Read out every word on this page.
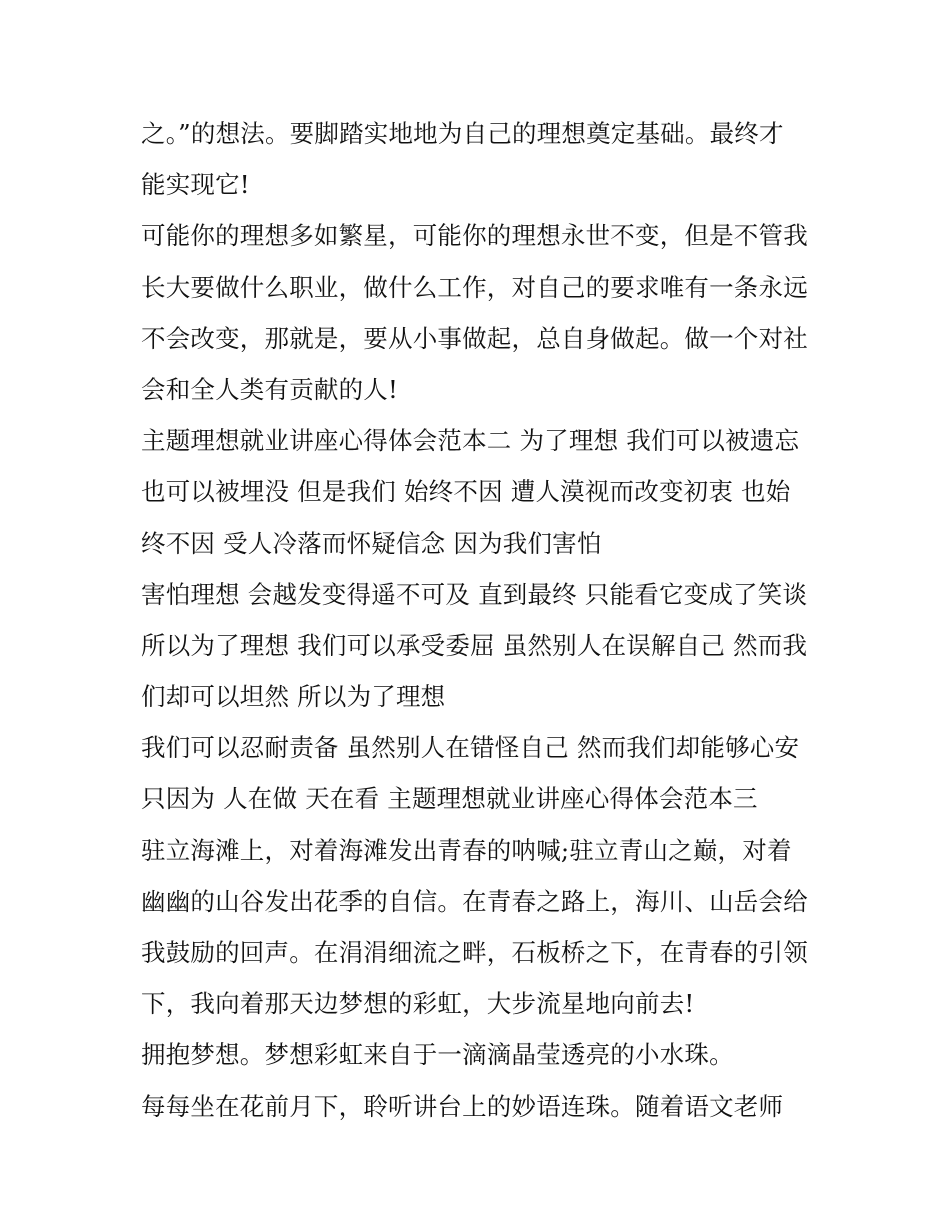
之。”的想法。要脚踏实地地为自己的理想奠定基础。最终才
能实现它!
可能你的理想多如繁星，可能你的理想永世不变，但是不管我
长大要做什么职业，做什么工作，对自己的要求唯有一条永远
不会改变，那就是，要从小事做起，总自身做起。做一个对社
会和全人类有贡献的人!
主题理想就业讲座心得体会范本二 为了理想 我们可以被遗忘
也可以被埋没 但是我们 始终不因 遭人漠视而改变初衷 也始
终不因 受人冷落而怀疑信念 因为我们害怕
害怕理想 会越发变得遥不可及 直到最终 只能看它变成了笑谈
所以为了理想 我们可以承受委屈 虽然别人在误解自己 然而我
们却可以坦然 所以为了理想
我们可以忍耐责备 虽然别人在错怪自己 然而我们却能够心安
只因为 人在做 天在看 主题理想就业讲座心得体会范本三
驻立海滩上，对着海滩发出青春的呐喊;驻立青山之巅，对着
幽幽的山谷发出花季的自信。在青春之路上，海川、山岳会给
我鼓励的回声。在涓涓细流之畔，石板桥之下，在青春的引领
下，我向着那天边梦想的彩虹，大步流星地向前去!
拥抱梦想。梦想彩虹来自于一滴滴晶莹透亮的小水珠。
每每坐在花前月下，聆听讲台上的妙语连珠。随着语文老师
